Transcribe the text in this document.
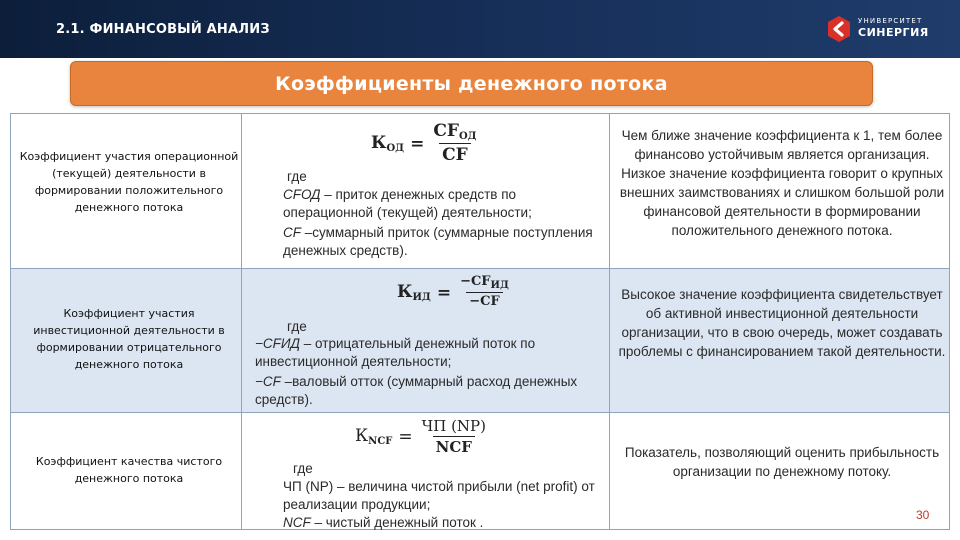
2.1. ФИНАНСОВЫЙ АНАЛИЗ
УНИВЕРСИТЕТ
СИНЕРГИЯ
Коэффициенты денежного потока
Коэффициент участия операционной (текущей) деятельности в формировании положительного денежного потока
$К_{ОД} = \frac{CF_{ОД}}{CF}$
где
CFОД – приток денежных средств по операционной (текущей) деятельности;
CF –суммарный приток (суммарные поступления денежных средств).
Чем ближе значение коэффициента к 1, тем более финансово устойчивым является организация. Низкое значение коэффициента говорит о крупных внешних заимствованиях и слишком большой роли финансовой деятельности в формировании положительного денежного потока.
Коэффициент участия инвестиционной деятельности в формировании отрицательного денежного потока
$К_{ИД} = \frac{-CF_{ИД}}{-CF}$
где
−CFИД – отрицательный денежный поток по инвестиционной деятельности;
−CF –валовый отток (суммарный расход денежных средств).
Высокое значение коэффициента свидетельствует об активной инвестиционной деятельности организации, что в свою очередь, может создавать проблемы с финансированием такой деятельности.
Коэффициент качества чистого денежного потока
$К_{NCF} = \frac{ЧП (NP)}{\text{NCF}}$
где
ЧП (NP) – величина чистой прибыли (net profit) от реализации продукции;
NCF – чистый денежный поток .
Показатель, позволяющий оценить прибыльность организации по денежному потоку.
30
